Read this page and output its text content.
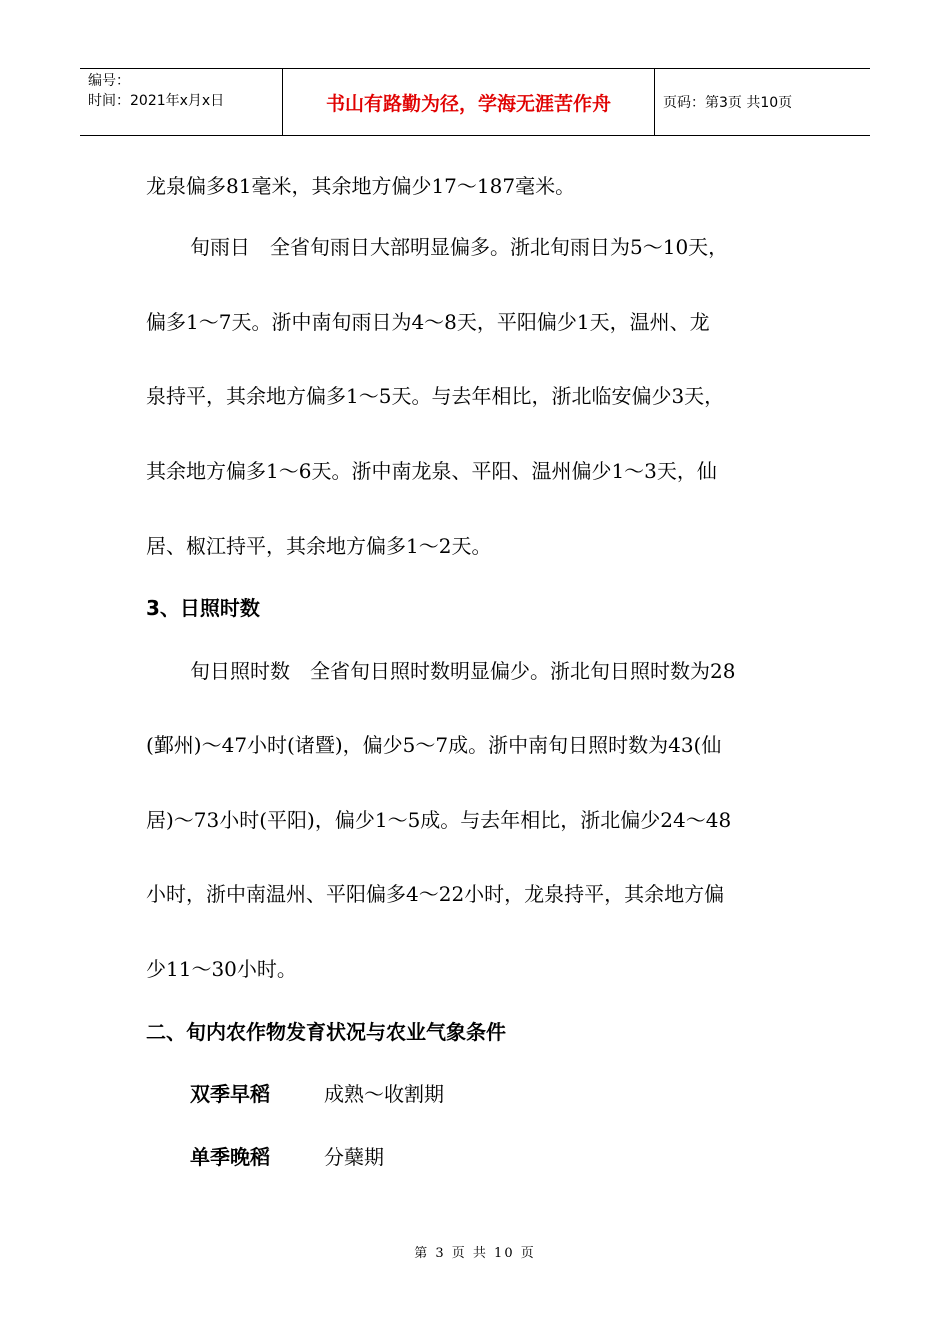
编号：
时间：2021年x月x日	书山有路勤为径，学海无涯苦作舟	页码：第3页 共10页
龙泉偏多81毫米，其余地方偏少17～187毫米。
旬雨日　全省旬雨日大部明显偏多。浙北旬雨日为5～10天，
偏多1～7天。浙中南旬雨日为4～8天，平阳偏少1天，温州、龙
泉持平，其余地方偏多1～5天。与去年相比，浙北临安偏少3天，
其余地方偏多1～6天。浙中南龙泉、平阳、温州偏少1～3天，仙
居、椒江持平，其余地方偏多1～2天。
3、日照时数
旬日照时数　全省旬日照时数明显偏少。浙北旬日照时数为28
(鄞州)～47小时(诸暨)，偏少5～7成。浙中南旬日照时数为43(仙
居)～73小时(平阳)，偏少1～5成。与去年相比，浙北偏少24～48
小时，浙中南温州、平阳偏多4～22小时，龙泉持平，其余地方偏
少11～30小时。
二、旬内农作物发育状况与农业气象条件
双季早稻	成熟～收割期
单季晚稻	分蘖期
第 3 页 共 10 页
